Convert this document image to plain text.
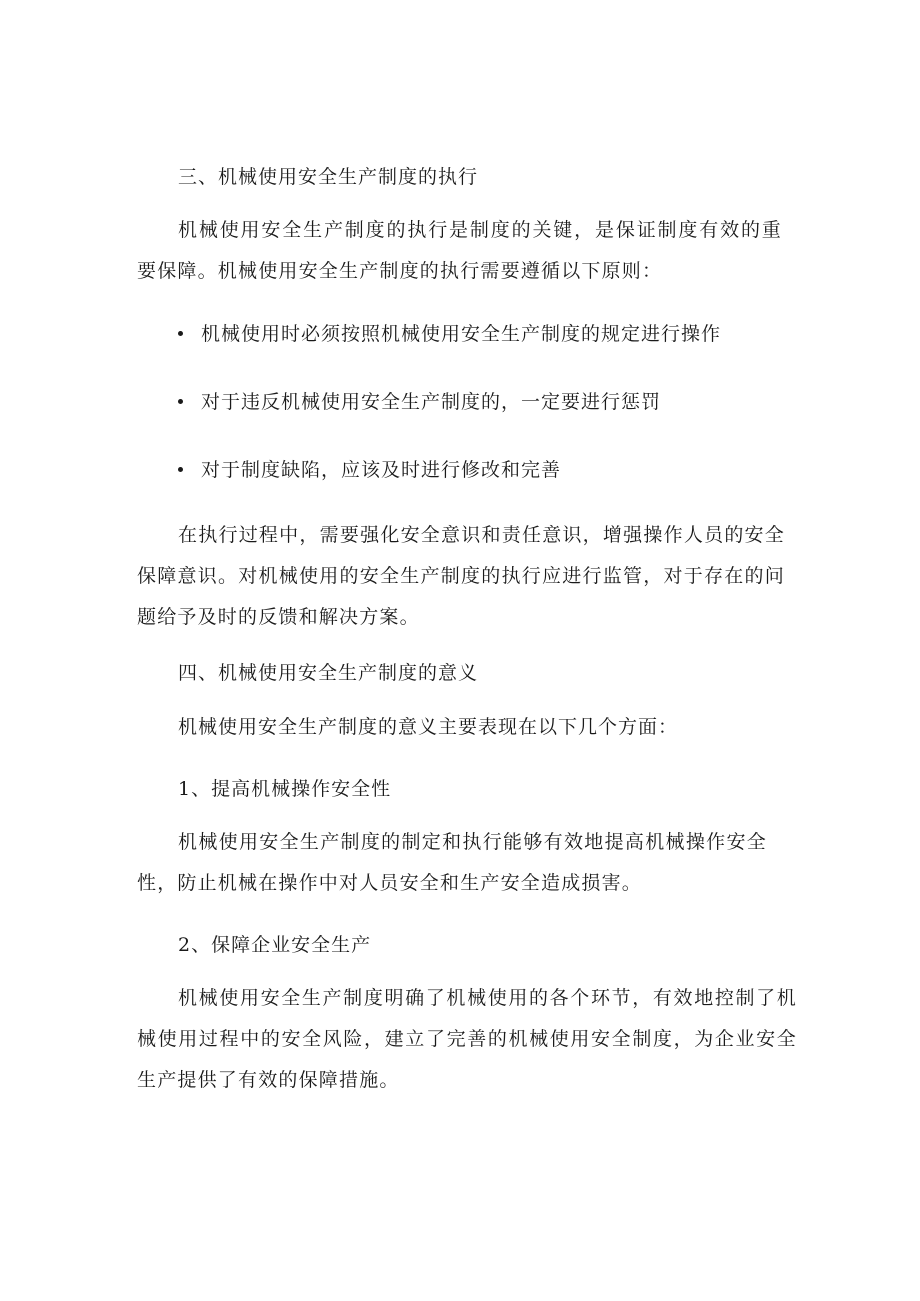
三、机械使用安全生产制度的执行
机械使用安全生产制度的执行是制度的关键，是保证制度有效的重要保障。机械使用安全生产制度的执行需要遵循以下原则：
机械使用时必须按照机械使用安全生产制度的规定进行操作
对于违反机械使用安全生产制度的，一定要进行惩罚
对于制度缺陷，应该及时进行修改和完善
在执行过程中，需要强化安全意识和责任意识，增强操作人员的安全保障意识。对机械使用的安全生产制度的执行应进行监管，对于存在的问题给予及时的反馈和解决方案。
四、机械使用安全生产制度的意义
机械使用安全生产制度的意义主要表现在以下几个方面：
1、提高机械操作安全性
机械使用安全生产制度的制定和执行能够有效地提高机械操作安全性，防止机械在操作中对人员安全和生产安全造成损害。
2、保障企业安全生产
机械使用安全生产制度明确了机械使用的各个环节，有效地控制了机械使用过程中的安全风险，建立了完善的机械使用安全制度，为企业安全生产提供了有效的保障措施。
